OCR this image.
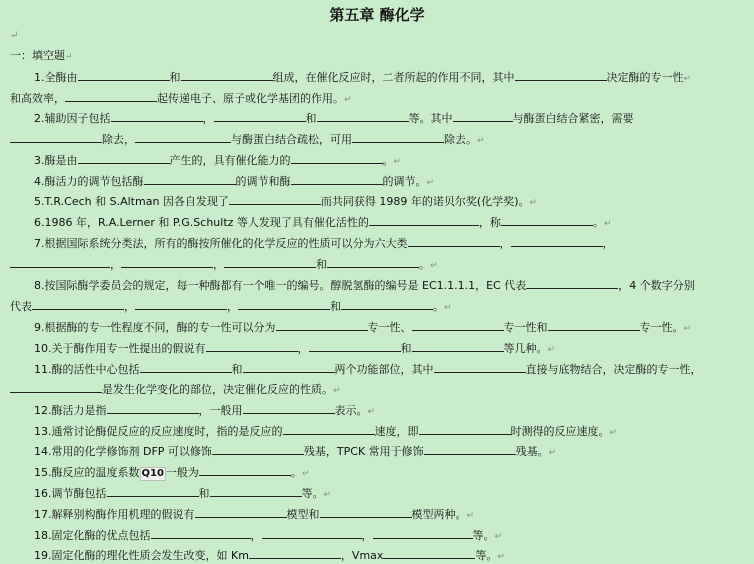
第五章 酶化学
↵
一：填空题↵
1.全酶由	和	组成，在催化反应时，二者所起的作用不同，其中	决定酶的专一性↵
和高效率，	起传递电子、原子或化学基团的作用。↵
2.辅助因子包括	，	和	等。其中	与酶蛋白结合紧密，需要
除去，	与酶蛋白结合疏松，可用	除去。↵
3.酶是由	产生的，具有催化能力的	。↵
4.酶活力的调节包括酶	的调节和酶	的调节。↵
5.T.R.Cech 和 S.Altman 因各自发现了	而共同获得 1989 年的诺贝尔奖(化学奖)。↵
6.1986 年，R.A.Lerner 和 P.G.Schultz 等人发现了具有催化活性的	，称	。↵
7.根据国际系统分类法，所有的酶按所催化的化学反应的性质可以分为六大类	，	，
，	，	和	。↵
8.按国际酶学委员会的规定，每一种酶都有一个唯一的编号。醇脱氢酶的编号是 EC1.1.1.1，EC 代表	，4 个数字分别
代表	，	，	和	。↵
9.根据酶的专一性程度不同，酶的专一性可以分为	专一性、	专一性和	专一性。↵
10.关于酶作用专一性提出的假说有	，	和	等几种。↵
11.酶的活性中心包括	和	两个功能部位，其中	直接与底物结合，决定酶的专一性，
是发生化学变化的部位，决定催化反应的性质。↵
12.酶活力是指	，一般用	表示。↵
13.通常讨论酶促反应的反应速度时，指的是反应的	速度，即	时测得的反应速度。↵
14.常用的化学修饰剂 DFP 可以修饰	残基，TPCK 常用于修饰	残基。↵
15.酶反应的温度系数 Q10 一般为	。↵
16.调节酶包括	和	等。↵
17.解释别构酶作用机理的假说有	模型和	模型两种。↵
18.固定化酶的优点包括	，	，	等。↵
19.固定化酶的理化性质会发生改变，如 Km	，Vmax	等。↵
